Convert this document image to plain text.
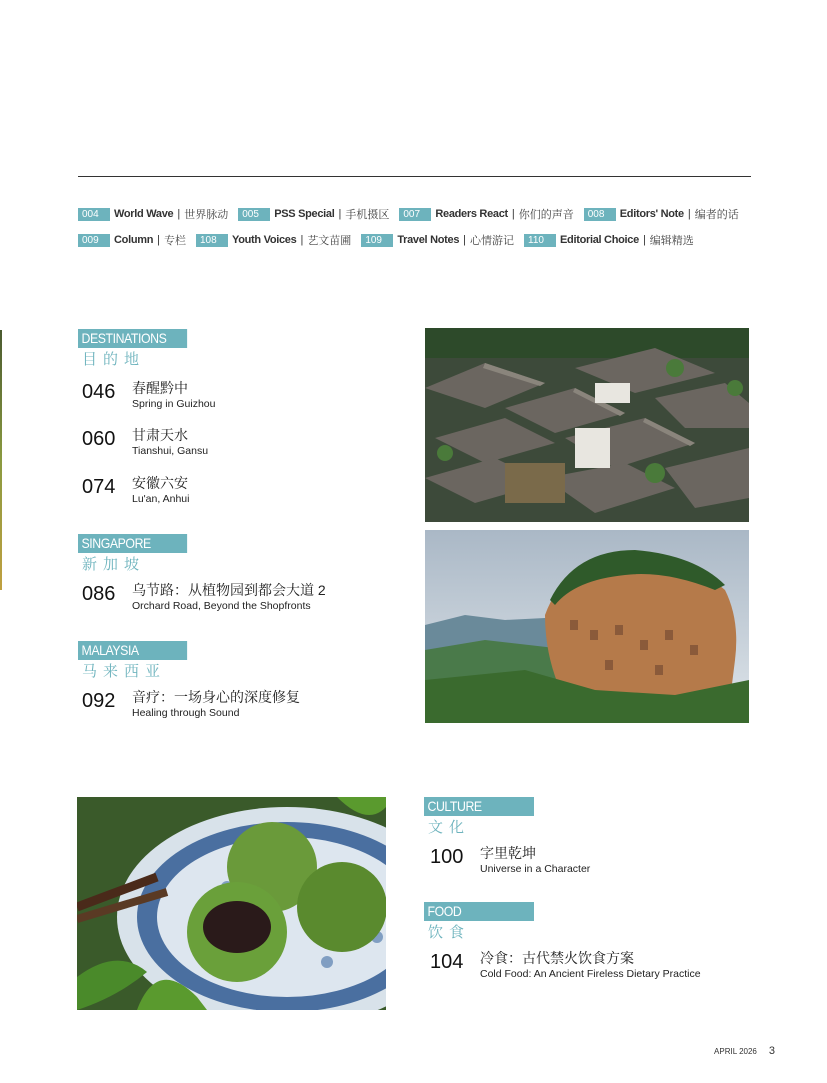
004	World Wave | 世界脉动	005	PSS Special | 手机摄区	007	Readers React | 你们的声音	008	Editors' Note | 编者的话
009	Column | 专栏	108	Youth Voices | 艺文苗圃	109	Travel Notes | 心情游记	110	Editorial Choice | 编辑精选
DESTINATIONS
目的地
046	春醒黔中
Spring in Guizhou
060	甘肃天水
Tianshui, Gansu
074	安徽六安
Lu'an, Anhui
SINGAPORE
新加坡
086	乌节路：从植物园到都会大道 2
Orchard Road, Beyond the Shopfronts
MALAYSIA
马来西亚
092	音疗：一场身心的深度修复
Healing through Sound
CULTURE
文化
100	字里乾坤
Universe in a Character
FOOD
饮食
104	冷食：古代禁火饮食方案
Cold Food: An Ancient Fireless Dietary Practice
APRIL 2026 3
